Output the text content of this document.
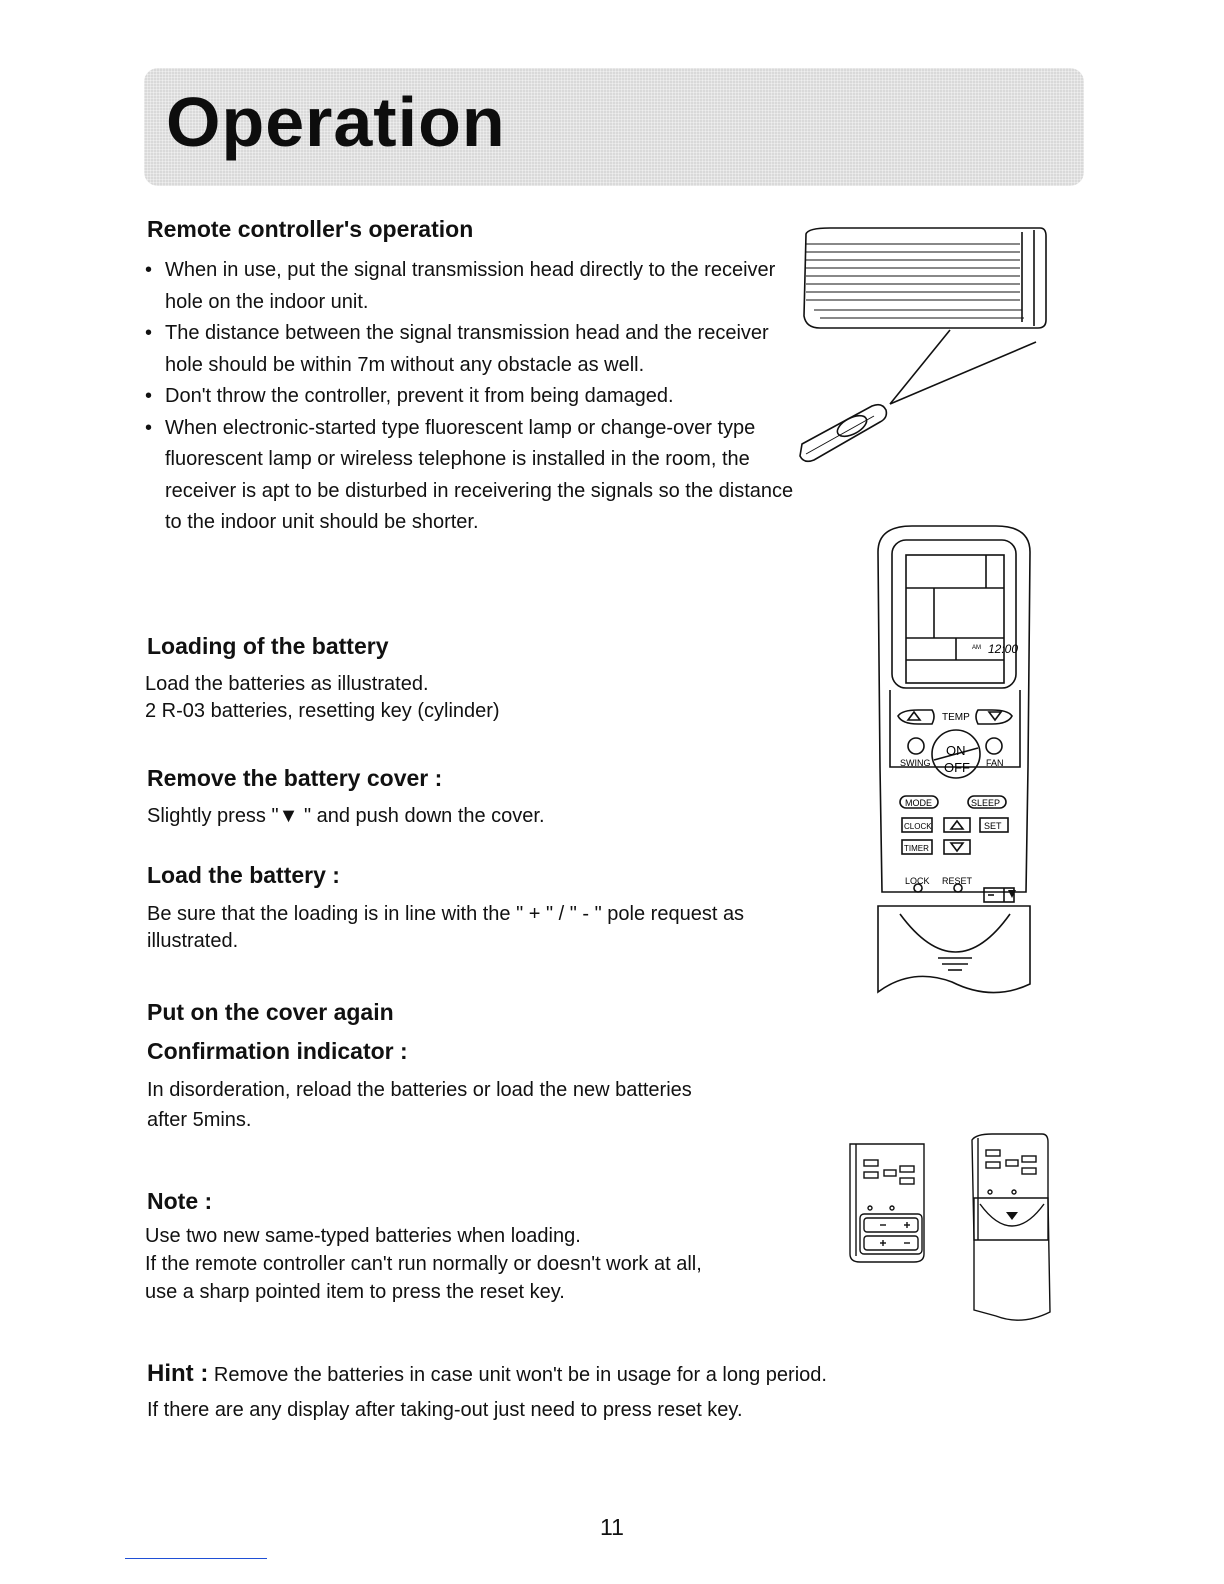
Operation
Remote controller's operation
• When in use, put the signal transmission head directly to the receiver hole on the indoor unit.
• The distance between the signal transmission head and the receiver hole should be within 7m without any obstacle as well.
• Don't throw the controller, prevent it from being damaged.
• When electronic-started type fluorescent lamp or change-over type fluorescent lamp or wireless telephone is installed in the room, the receiver is apt to be disturbed in receivering the signals so the distance to the indoor unit should be shorter.
Loading of the battery

Load the batteries as illustrated.

2 R-03 batteries, resetting key (cylinder)

Remove the battery cover :

Slightly press "▼ " and push down the cover.

Load the battery :

Be sure that the loading is in line with the " + " / " - " pole request as

illustrated.

Put on the cover again
Confirmation indicator :

In disorderation, reload the batteries or load the new batteries

after 5mins.

Note :

Use two new same-typed batteries when loading.

If the remote controller can't run normally or doesn't work at all,

use a sharp pointed item to press the reset key.

Hint : Remove the batteries in case unit won't be in usage for a long period.

If there are any display after taking-out just need to press reset key.

12:00
AM
TEMP
ON
OFF
SWING	FAN
MODE	SLEEP
CLOCK	SET
TIMER
LOCK RESET
11
